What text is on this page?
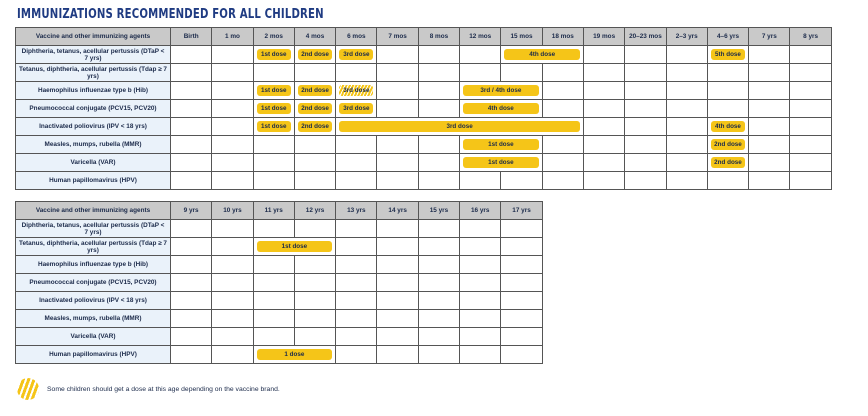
IMMUNIZATIONS RECOMMENDED FOR ALL CHILDREN
Vaccine and other immunizing agents	Birth	1 mo	2 mos	4 mos	6 mos	7 mos	8 mos	12 mos	15 mos	18 mos	19 mos	20–23 mos	2–3 yrs	4–6 yrs	7 yrs	8 yrs
Diphtheria, tetanus, acellular pertussis (DTaP < 7 yrs)			1st dose	2nd dose	3rd dose				4th dose					5th dose		

Tetanus, diphtheria, acellular pertussis (Tdap ≥ 7 yrs)																
Haemophilus influenzae type b (Hib)			1st dose	2nd dose	3rd dose			3rd / 4th dose								

Pneumococcal conjugate (PCV15, PCV20)			1st dose	2nd dose	3rd dose			4th dose								

Inactivated poliovirus (IPV < 18 yrs)			1st dose	2nd dose	3rd dose									4th dose		

Measles, mumps, rubella (MMR)								1st dose						2nd dose		

Varicella (VAR)								1st dose						2nd dose		

Human papillomavirus (HPV)																
Vaccine and other immunizing agents	9 yrs	10 yrs	11 yrs	12 yrs	13 yrs	14 yrs	15 yrs	16 yrs	17 yrs
Diphtheria, tetanus, acellular pertussis (DTaP < 7 yrs)									
Tetanus, diphtheria, acellular pertussis (Tdap ≥ 7 yrs)			1st dose						

Haemophilus influenzae type b (Hib)									
Pneumococcal conjugate (PCV15, PCV20)									
Inactivated poliovirus (IPV < 18 yrs)									
Measles, mumps, rubella (MMR)									
Varicella (VAR)									
Human papillomavirus (HPV)			1 dose						

Some children should get a dose at this age depending on the vaccine brand.
